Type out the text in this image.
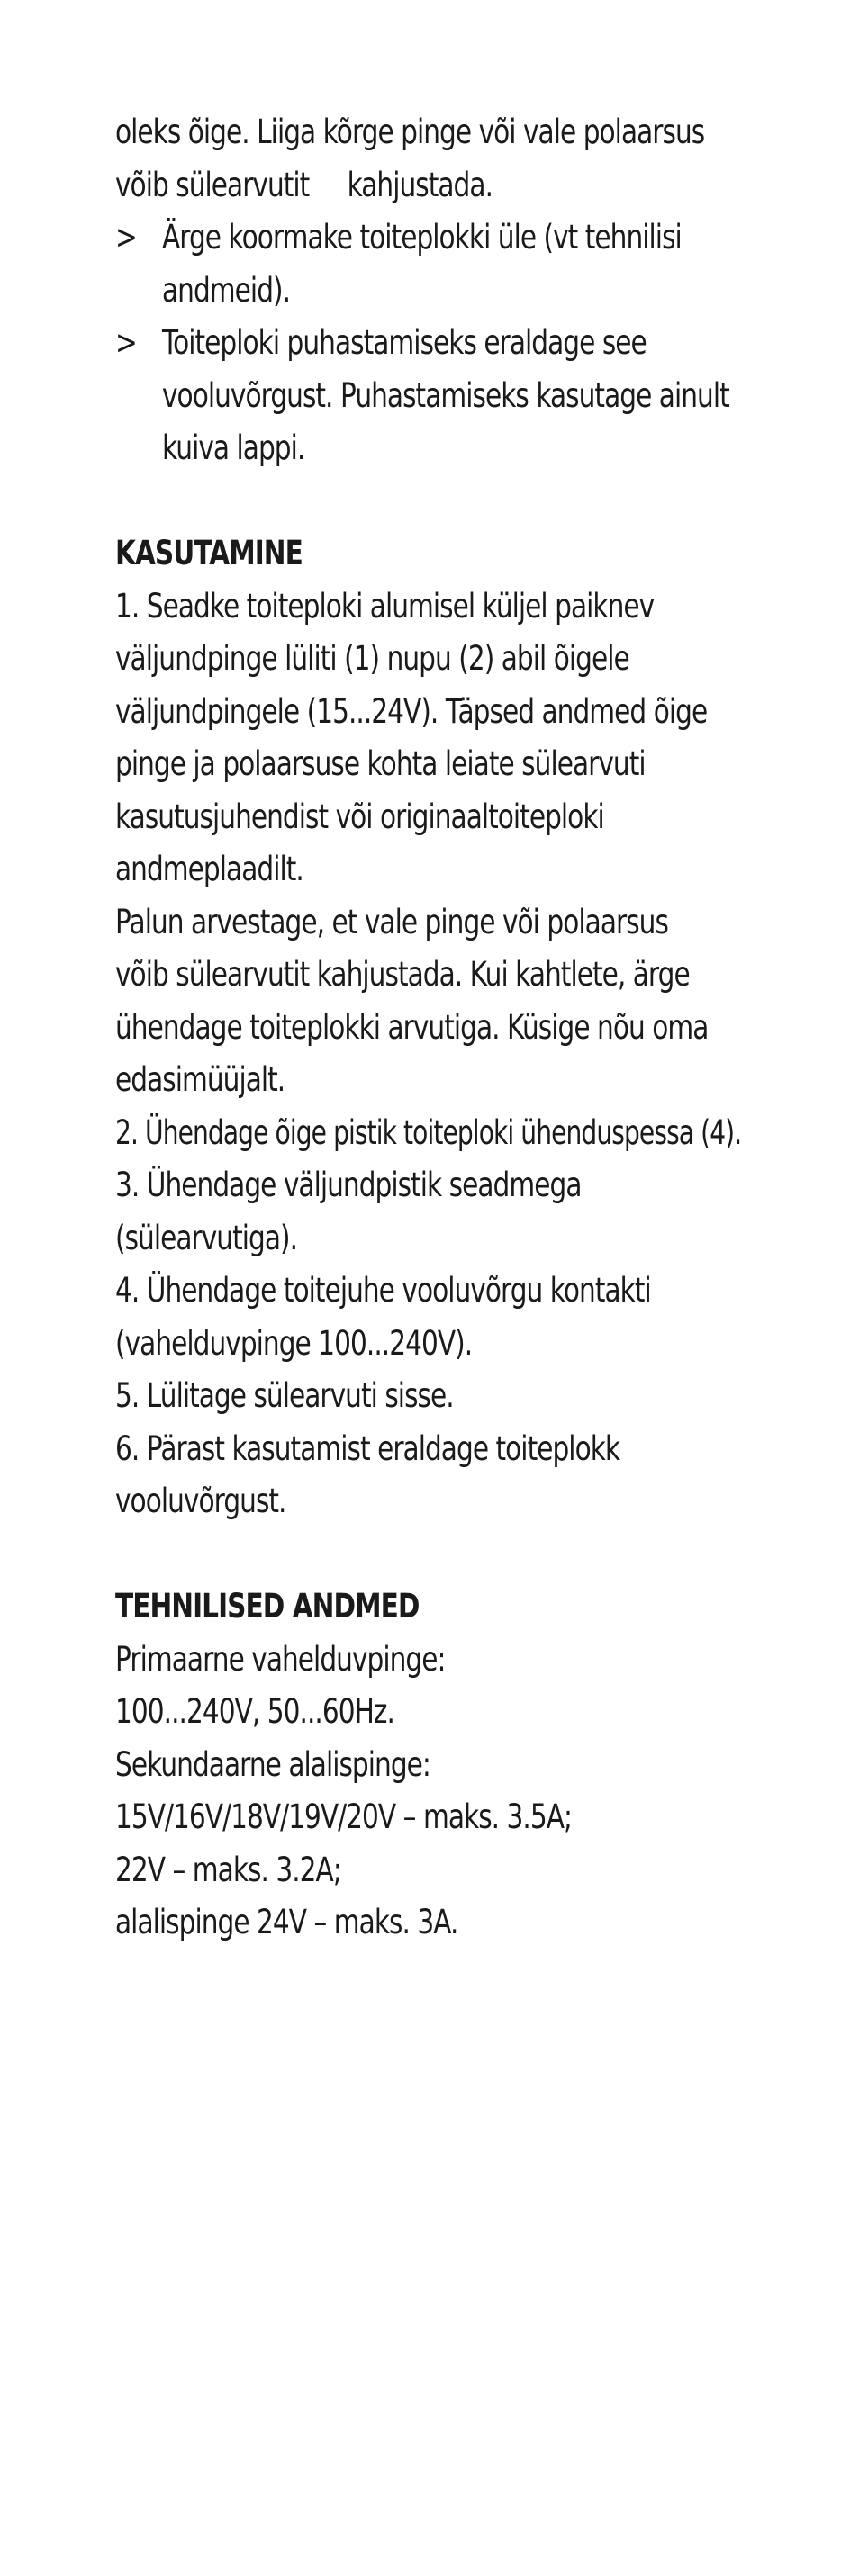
oleks õige. Liiga kõrge pinge või vale polaarsus
võib sülearvutit     kahjustada.
> Ärge koormake toiteplokki üle (vt tehnilisi
andmeid).
> Toiteploki puhastamiseks eraldage see
vooluvõrgust. Puhastamiseks kasutage ainult
kuiva lappi.
KASUTAMINE
1. Seadke toiteploki alumisel küljel paiknev
väljundpinge lüliti (1) nupu (2) abil õigele
väljundpingele (15...24V). Täpsed andmed õige
pinge ja polaarsuse kohta leiate sülearvuti
kasutusjuhendist või originaaltoiteploki
andmeplaadilt.
Palun arvestage, et vale pinge või polaarsus
võib sülearvutit kahjustada. Kui kahtlete, ärge
ühendage toiteplokki arvutiga. Küsige nõu oma
edasimüüjalt.
2. Ühendage õige pistik toiteploki ühenduspessa (4).
3. Ühendage väljundpistik seadmega
(sülearvutiga).
4. Ühendage toitejuhe vooluvõrgu kontakti
(vahelduvpinge 100...240V).
5. Lülitage sülearvuti sisse.
6. Pärast kasutamist eraldage toiteplokk
vooluvõrgust.
TEHNILISED ANDMED
Primaarne vahelduvpinge:
100...240V, 50...60Hz.
Sekundaarne alalispinge:
15V/16V/18V/19V/20V – maks. 3.5A;
22V – maks. 3.2A;
alalispinge 24V – maks. 3A.
